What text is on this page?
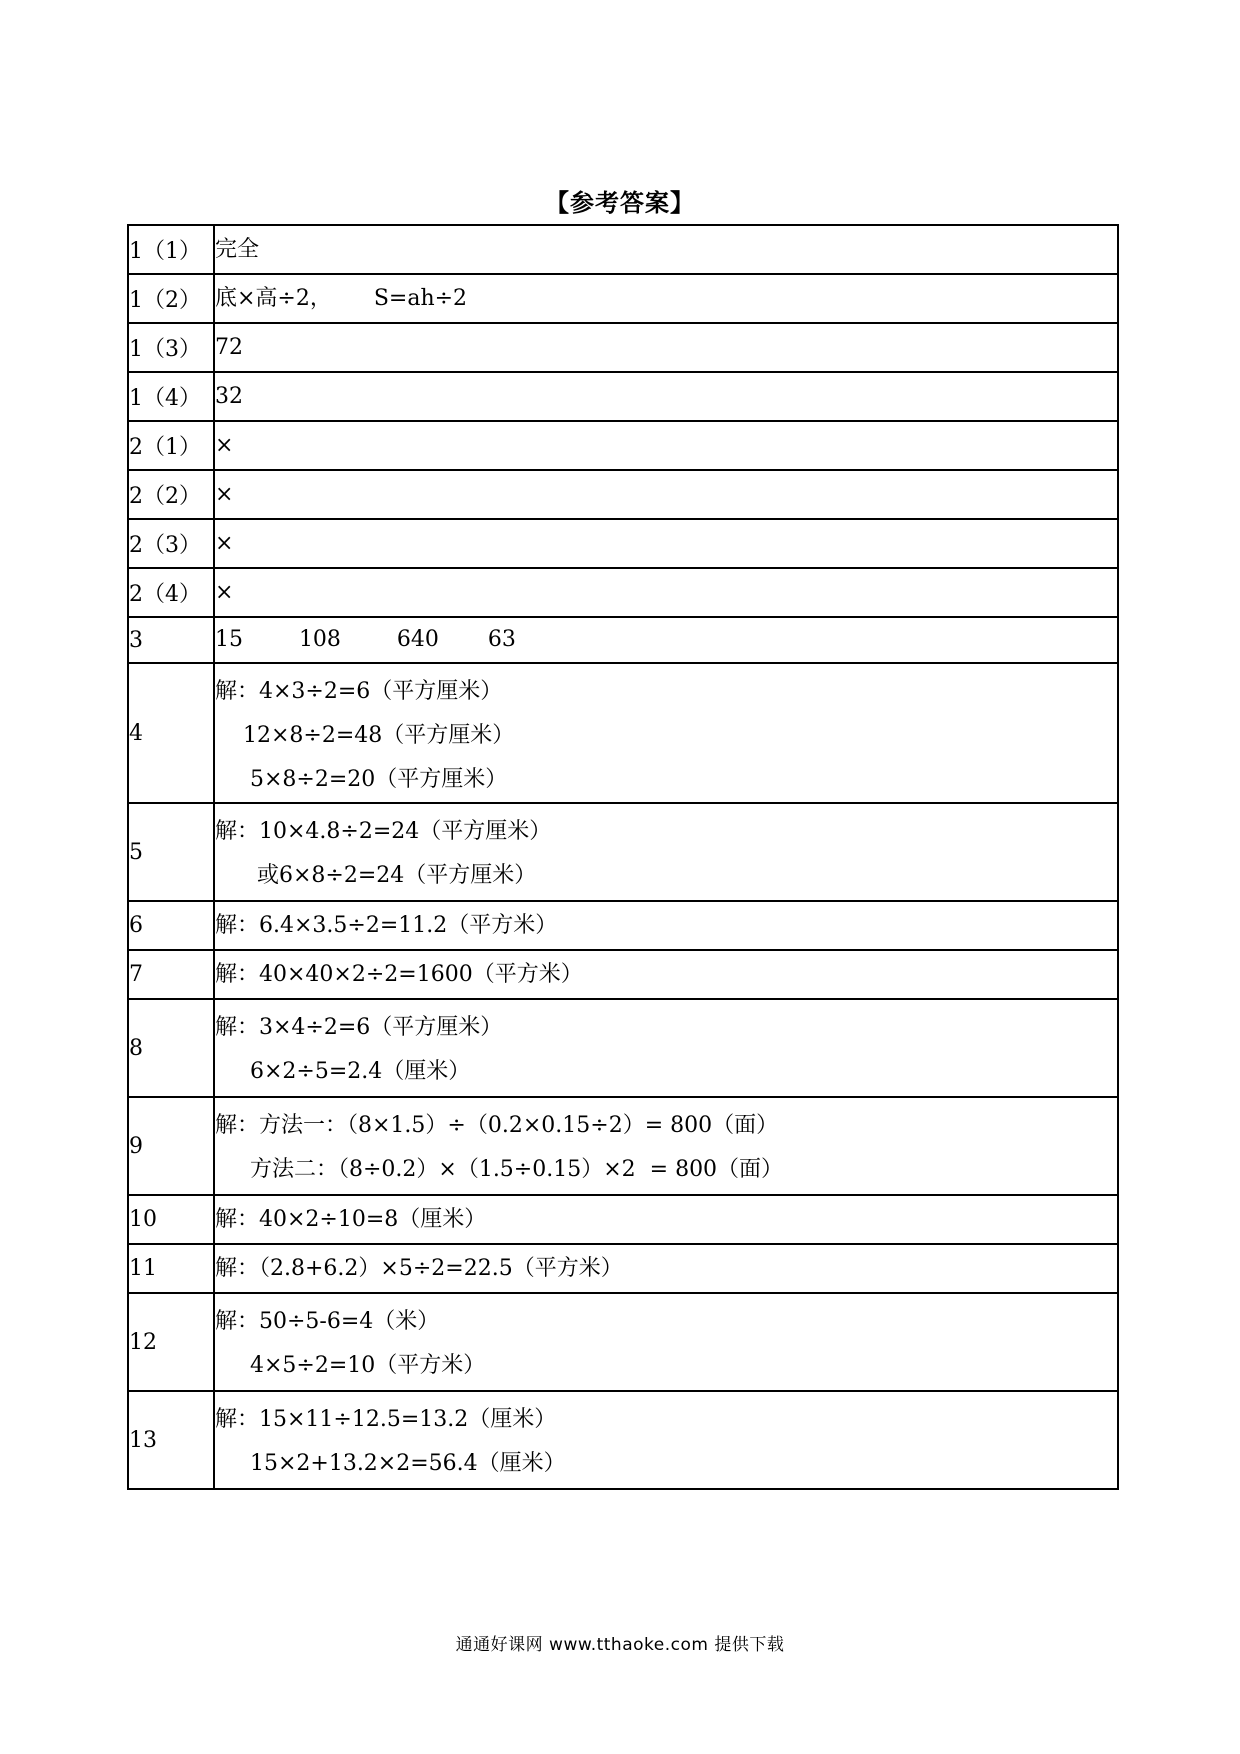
【参考答案】
1（1）	完全

1（2）	底×高÷2，      S=ah÷2

1（3）	72

1（4）	32

2（1）	×

2（2）	×

2（3）	×

2（4）	×

3	15        108        640       63

4	解：4×3÷2=6（平方厘米）
12×8÷2=48（平方厘米）
5×8÷2=20（平方厘米）

5	解：10×4.8÷2=24（平方厘米）
或6×8÷2=24（平方厘米）

6	解：6.4×3.5÷2=11.2（平方米）

7	解：40×40×2÷2=1600（平方米）

8	解：3×4÷2=6（平方厘米）
6×2÷5=2.4（厘米）

9	解：方法一：（8×1.5）÷（0.2×0.15÷2）= 800（面）
方法二：（8÷0.2）×（1.5÷0.15）×2  = 800（面）

10	解：40×2÷10=8（厘米）

11	解：（2.8+6.2）×5÷2=22.5（平方米）

12	解：50÷5-6=4（米）
4×5÷2=10（平方米）

13	解：15×11÷12.5=13.2（厘米）
15×2+13.2×2=56.4（厘米）
通通好课网 www.tthaoke.com 提供下载
